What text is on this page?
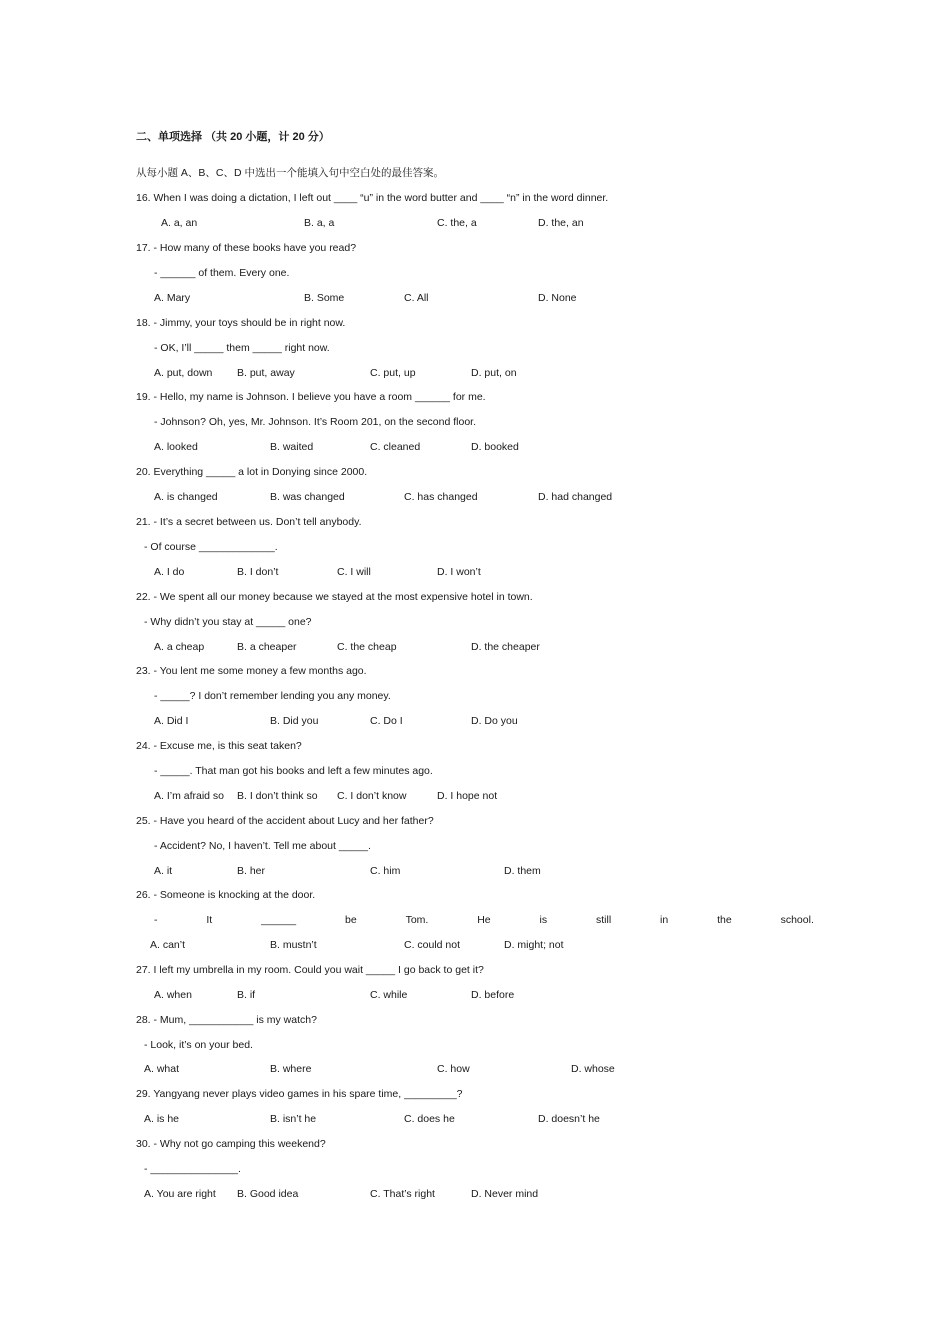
二、单项选择 （共 20 小题，计 20 分）
从每小题 A、B、C、D 中选出一个能填入句中空白处的最佳答案。
16. When I was doing a dictation, I left out ____ “u” in the word butter and ____ “n” in the word dinner.
A. a, an	B. a, a	C. the, a	D. the, an
17. - How many of these books have you read?
- ______ of them. Every one.
A. Mary	B. Some	C. All	D. None
18. - Jimmy, your toys should be in right now.
- OK, I’ll _____ them _____ right now.
A. put, down B. put, away	C. put, up	D. put, on
19. - Hello, my name is Johnson. I believe you have a room ______ for me.
- Johnson? Oh, yes, Mr. Johnson. It’s Room 201, on the second floor.
A. looked	B. waited	C. cleaned	D. booked
20. Everything _____ a lot in Donying since 2000.
A. is changed	B. was changed	C. has changed	D. had changed
21. - It’s a secret between us. Don’t tell anybody.
- Of course _____________.
A. I do	B. I don’t	C. I will	D. I won’t
22. - We spent all our money because we stayed at the most expensive hotel in town.
- Why didn’t you stay at _____ one?
A. a cheap	B. a cheaper	C. the cheap	D. the cheaper
23. - You lent me some money a few months ago.
- _____? I don’t remember lending you any money.
A. Did I	B. Did you	C. Do I	D. Do you
24. - Excuse me, is this seat taken?
- _____. That man got his books and left a few minutes ago.
A. I’m afraid so B. I don’t think so C. I don’t know	D. I hope not
25. - Have you heard of the accident about Lucy and her father?
- Accident? No, I haven’t. Tell me about _____.
A. it	B. her	C. him	D. them
26. - Someone is knocking at the door.
-	It	______	be	Tom.	He	is	still	in	the	school.
A. can’t	B. mustn’t	C. could not	D. might; not
27. I left my umbrella in my room. Could you wait _____ I go back to get it?
A. when	B. if	C. while	D. before
28. - Mum, ___________ is my watch?
- Look, it’s on your bed.
A. what	B. where	C. how	D. whose
29. Yangyang never plays video games in his spare time, _________?
A. is he	B. isn’t he	C. does he	D. doesn’t he
30. - Why not go camping this weekend?
- _______________.
A. You are right B. Good idea	C. That’s right	D. Never mind
